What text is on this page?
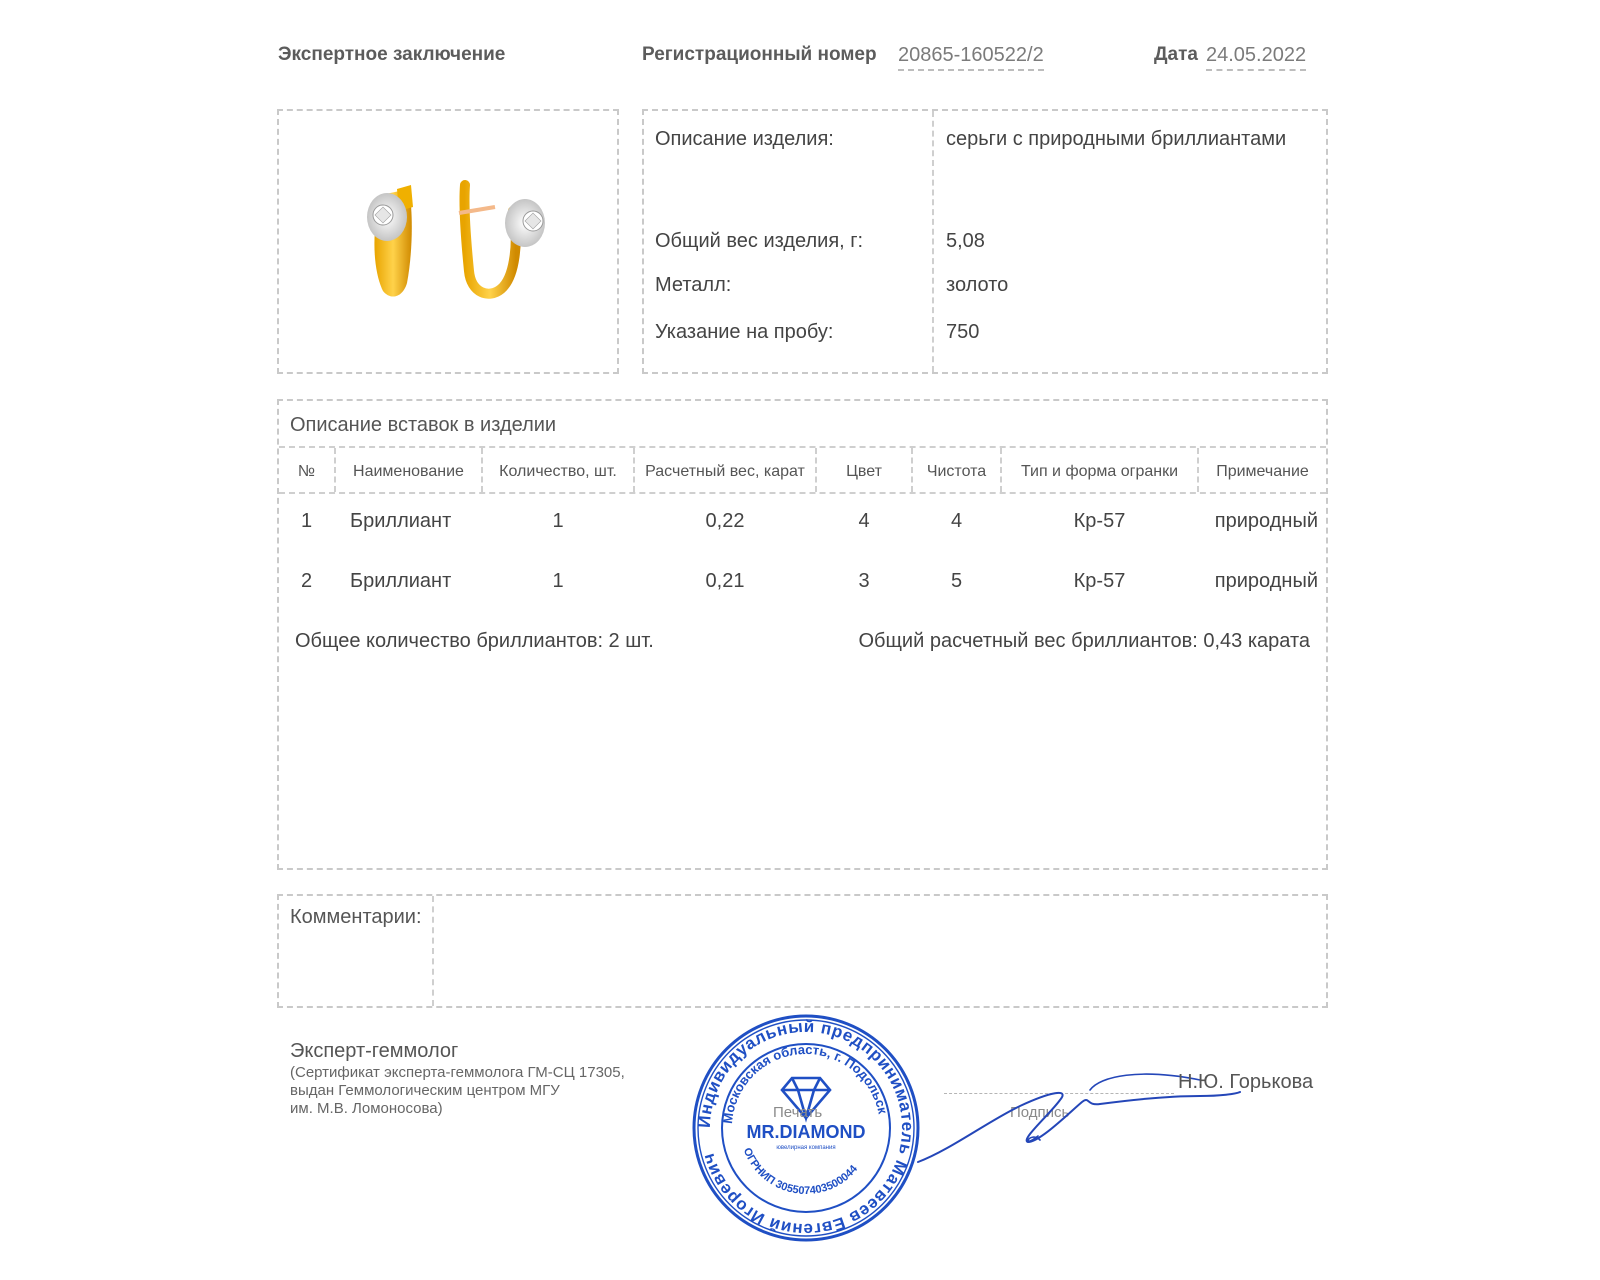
Экспертное заключение	Регистрационный номер 20865-160522/2	Дата 24.05.2022
Описание изделия:	серьги с природными бриллиантами
Общий вес изделия, г:	5,08
Металл:	золото
Указание на пробу:	750
Описание вставок в изделии
№	Наименование	Количество, шт.	Расчетный вес, карат	Цвет	Чистота	Тип и форма огранки	Примечание
1	Бриллиант	1	0,22	4	4	Кр-57	природный
2	Бриллиант	1	0,21	3	5	Кр-57	природный
Общее количество бриллиантов: 2 шт.	Общий расчетный вес бриллиантов: 0,43 карата
Комментарии:
Эксперт-геммолог
(Сертификат эксперта-геммолога ГМ-СЦ 17305,
выдан Геммологическим центром МГУ
им. М.В. Ломоносова)
Индивидуальный предприниматель Матвеев Евгений Игоревич
Московская область, г. Подольск
ОГРНИП 305507403500044
MR.DIAMOND
ювелирная компания
Печать	Подпись
Н.Ю. Горькова
